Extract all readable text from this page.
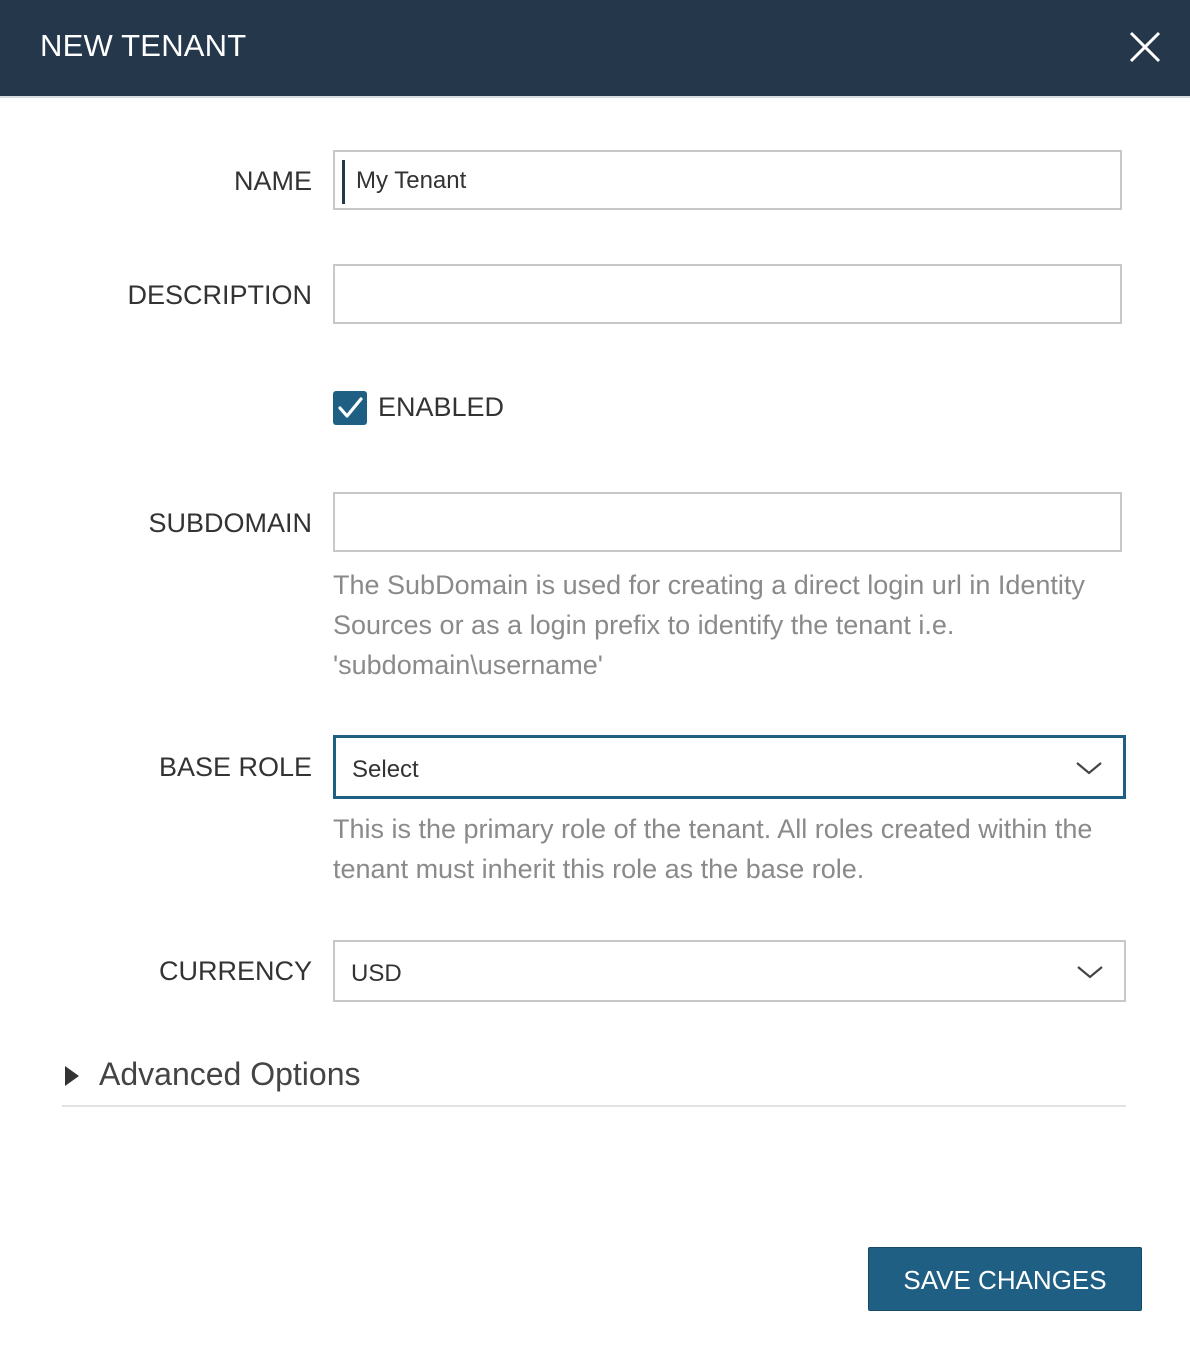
NEW TENANT
NAME My Tenant
DESCRIPTION
ENABLED
SUBDOMAIN
The SubDomain is used for creating a direct login url in Identity Sources or as a login prefix to identify the tenant i.e. 'subdomain\username'
BASE ROLE Select
This is the primary role of the tenant. All roles created within the tenant must inherit this role as the base role.
CURRENCY USD
Advanced Options
SAVE CHANGES
